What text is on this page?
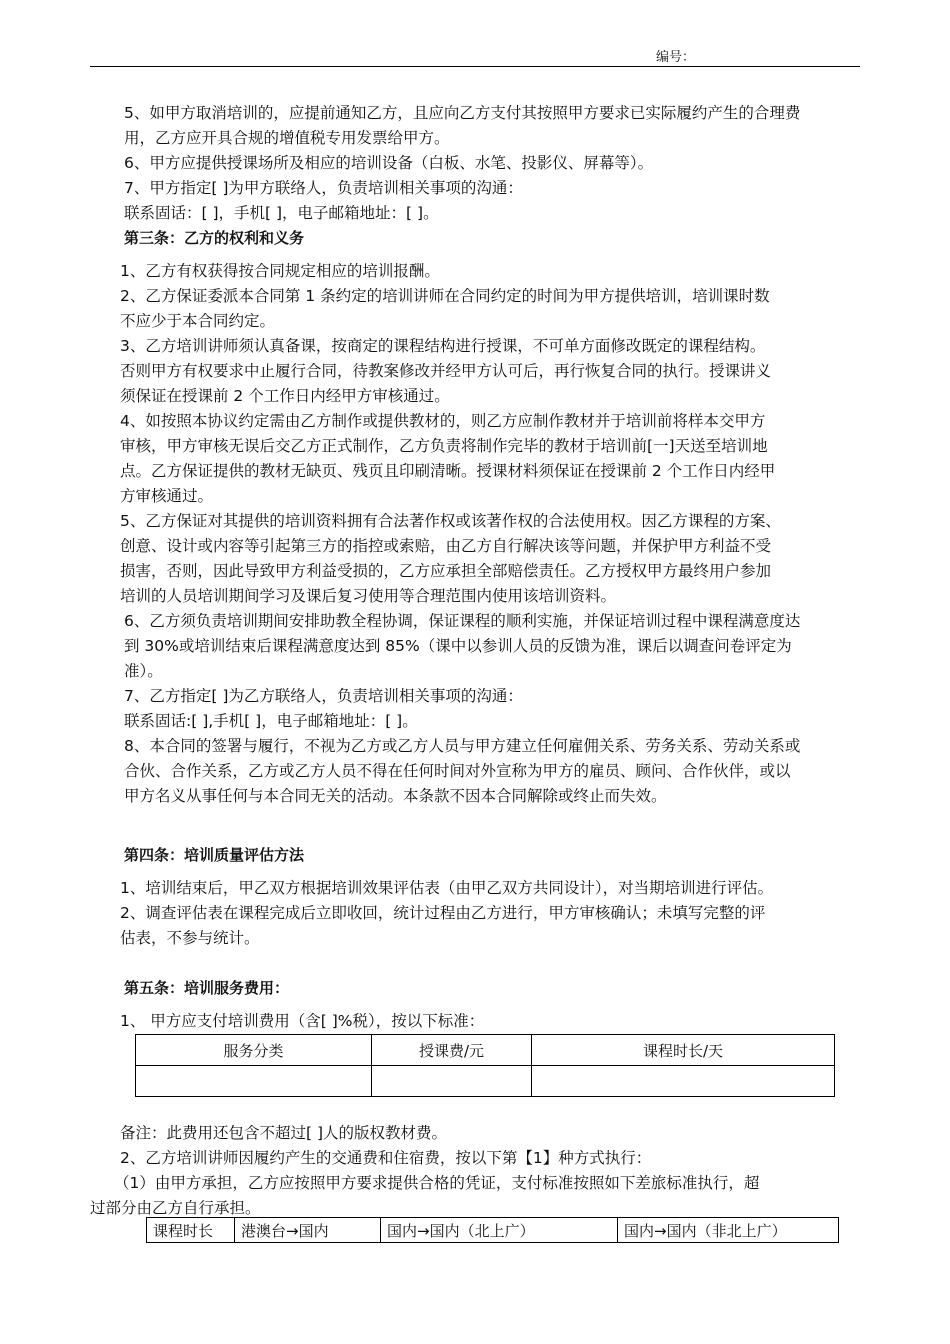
编号：
5、如甲方取消培训的，应提前通知乙方，且应向乙方支付其按照甲方要求已实际履约产生的合理费
用，乙方应开具合规的增值税专用发票给甲方。
6、甲方应提供授课场所及相应的培训设备（白板、水笔、投影仪、屏幕等）。
7、甲方指定[ ]为甲方联络人，负责培训相关事项的沟通：
联系固话：[ ]，手机[ ]，电子邮箱地址：[ ]。
第三条：乙方的权利和义务
1、乙方有权获得按合同规定相应的培训报酬。
2、乙方保证委派本合同第 1 条约定的培训讲师在合同约定的时间为甲方提供培训，培训课时数
不应少于本合同约定。
3、乙方培训讲师须认真备课，按商定的课程结构进行授课，不可单方面修改既定的课程结构。
否则甲方有权要求中止履行合同，待教案修改并经甲方认可后，再行恢复合同的执行。授课讲义
须保证在授课前 2 个工作日内经甲方审核通过。
4、如按照本协议约定需由乙方制作或提供教材的，则乙方应制作教材并于培训前将样本交甲方
审核，甲方审核无误后交乙方正式制作，乙方负责将制作完毕的教材于培训前[一]天送至培训地
点。乙方保证提供的教材无缺页、残页且印刷清晰。授课材料须保证在授课前 2 个工作日内经甲
方审核通过。
5、乙方保证对其提供的培训资料拥有合法著作权或该著作权的合法使用权。因乙方课程的方案、
创意、设计或内容等引起第三方的指控或索赔，由乙方自行解决该等问题，并保护甲方利益不受
损害，否则，因此导致甲方利益受损的，乙方应承担全部赔偿责任。乙方授权甲方最终用户参加
培训的人员培训期间学习及课后复习使用等合理范围内使用该培训资料。
6、乙方须负责培训期间安排助教全程协调，保证课程的顺利实施，并保证培训过程中课程满意度达
到 30%或培训结束后课程满意度达到 85%（课中以参训人员的反馈为准，课后以调查问卷评定为
准）。
7、乙方指定[ ]为乙方联络人，负责培训相关事项的沟通：
联系固话:[ ],手机[ ]，电子邮箱地址：[ ]。
8、本合同的签署与履行，不视为乙方或乙方人员与甲方建立任何雇佣关系、劳务关系、劳动关系或
合伙、合作关系，乙方或乙方人员不得在任何时间对外宣称为甲方的雇员、顾问、合作伙伴，或以
甲方名义从事任何与本合同无关的活动。本条款不因本合同解除或终止而失效。
第四条：培训质量评估方法
1、培训结束后，甲乙双方根据培训效果评估表（由甲乙双方共同设计），对当期培训进行评估。
2、调查评估表在课程完成后立即收回，统计过程由乙方进行，甲方审核确认；未填写完整的评
估表，不参与统计。
第五条：培训服务费用：
1、 甲方应支付培训费用（含[ ]%税），按以下标准：
服务分类	授课费/元	课程时长/天

备注：此费用还包含不超过[ ]人的版权教材费。
2、乙方培训讲师因履约产生的交通费和住宿费，按以下第【1】种方式执行：
（1）由甲方承担，乙方应按照甲方要求提供合格的凭证，支付标准按照如下差旅标准执行，超
过部分由乙方自行承担。
课程时长	港澳台→国内	国内→国内（北上广）	国内→国内（非北上广）
